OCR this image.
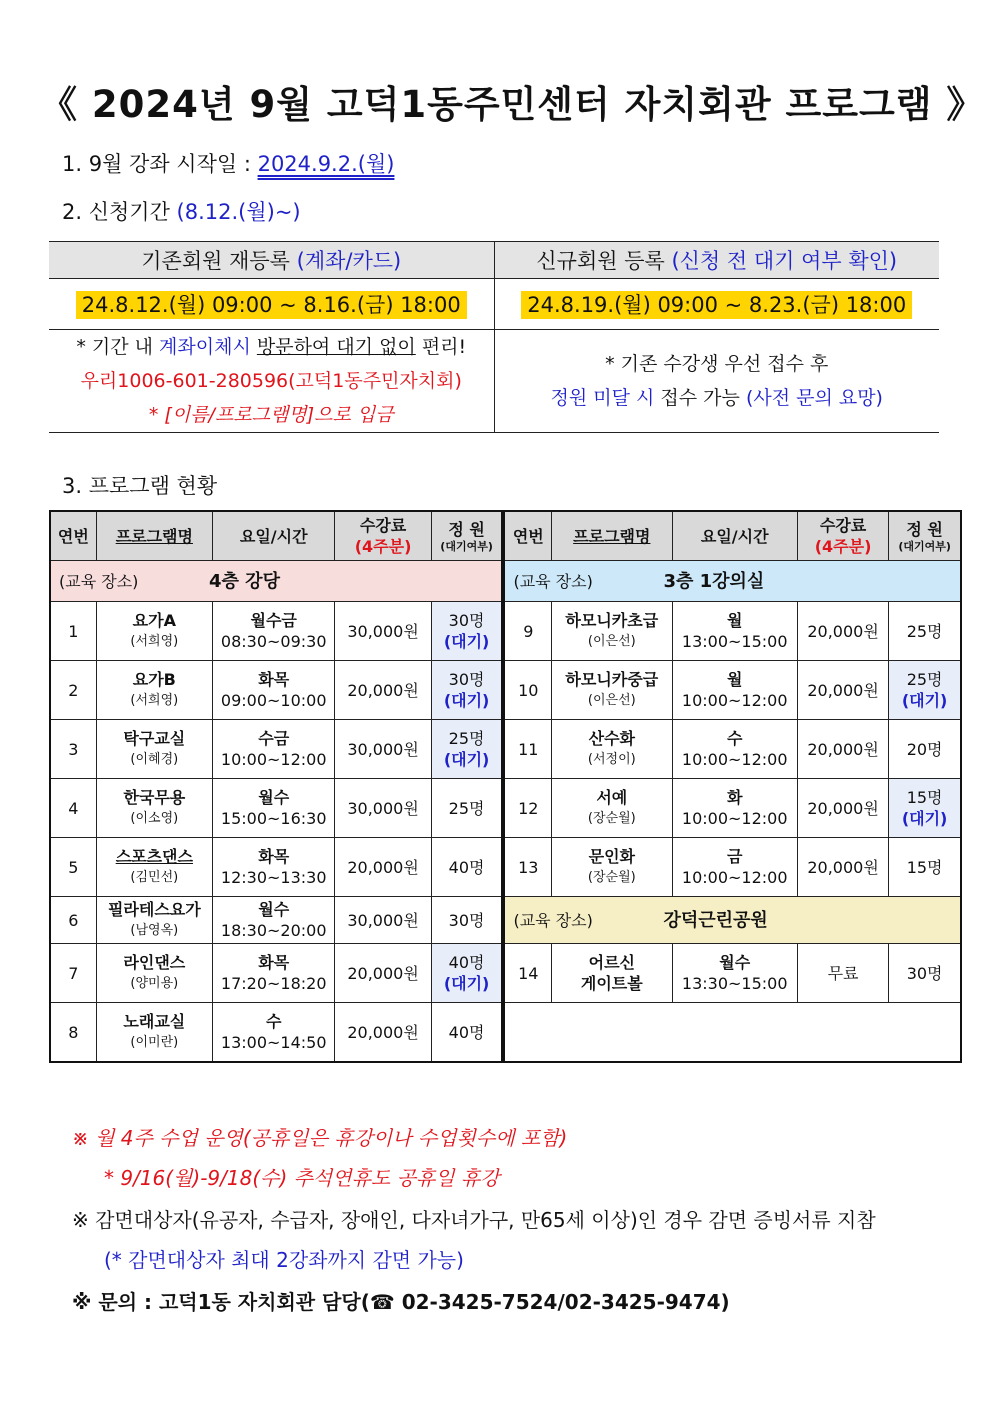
《 2024년 9월 고덕1동주민센터 자치회관 프로그램 》
1. 9월 강좌 시작일 : 2024.9.2.(월)
2. 신청기간 (8.12.(월)~)
기존회원 재등록 (계좌/카드)	신규회원 등록 (신청 전 대기 여부 확인)
24.8.12.(월) 09:00 ~ 8.16.(금) 18:00	24.8.19.(월) 09:00 ~ 8.23.(금) 18:00

* 기간 내 계좌이체시 방문하여 대기 없이 편리!
우리1006-601-280596(고덕1동주민자치회)
* [이름/프로그램명]으로 입금

* 기존 수강생 우선 접수 후
정원 미달 시 접수 가능 (사전 문의 요망)
3. 프로그램 현황
연번	프로그램명	요일/시간	수강료
(4주분)	정 원
(대기여부)	연번	프로그램명	요일/시간	수강료
(4주분)	정 원
(대기여부)

(교육 장소) 4층 강당					(교육 장소) 3층 1강의실				
1	요가A
(서희영)	월수금
08:30~09:30	30,000원	30명
(대기)	9	하모니카초급
(이은선)	월
13:00~15:00	20,000원	25명

2	요가B
(서희영)	화목
09:00~10:00	20,000원	30명
(대기)	10	하모니카중급
(이은선)	월
10:00~12:00	20,000원	25명
(대기)

3	탁구교실
(이혜경)	수금
10:00~12:00	30,000원	25명
(대기)	11	산수화
(서정이)	수
10:00~12:00	20,000원	20명

4	한국무용
(이소영)	월수
15:00~16:30	30,000원	25명	12	서예
(장순월)	화
10:00~12:00	20,000원	15명
(대기)

5	스포츠댄스
(김민선)	화목
12:30~13:30	20,000원	40명	13	문인화
(장순월)	금
10:00~12:00	20,000원	15명

6	필라테스요가
(남영옥)	월수
18:30~20:00	30,000원	30명	(교육 장소) 강덕근린공원				
7	라인댄스
(양미용)	화목
17:20~18:20	20,000원	40명
(대기)	14	어르신
게이트볼	월수
13:30~15:00	무료	30명

8	노래교실
(이미란)	수
13:00~14:50	20,000원	40명					

※ 월 4주 수업 운영(공휴일은 휴강이나 수업횟수에 포함)
* 9/16(월)-9/18(수) 추석연휴도 공휴일 휴강
※ 감면대상자(유공자, 수급자, 장애인, 다자녀가구, 만65세 이상)인 경우 감면 증빙서류 지참
(* 감면대상자 최대 2강좌까지 감면 가능)
※ 문의 : 고덕1동 자치회관 담당(☎ 02-3425-7524/02-3425-9474)
